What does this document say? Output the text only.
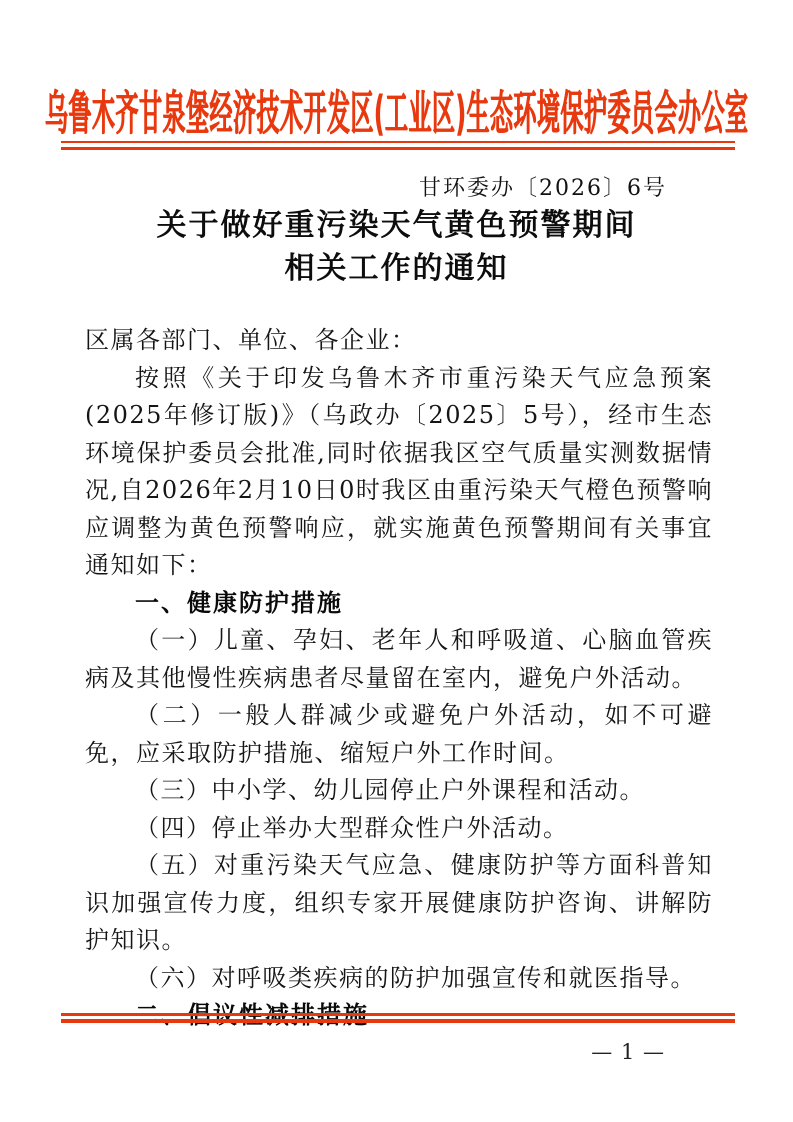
乌鲁木齐甘泉堡经济技术开发区(工业区)生态环境保护委员会办公室
甘环委办〔2026〕6号
关于做好重污染天气黄色预警期间
相关工作的通知

区属各部门、单位、各企业：

按照《关于印发乌鲁木齐市重污染天气应急预案(2025年修订版)》（乌政办〔2025〕5号），经市生态环境保护委员会批准,同时依据我区空气质量实测数据情况,自2026年2月10日0时我区由重污染天气橙色预警响应调整为黄色预警响应，就实施黄色预警期间有关事宜通知如下：

一、健康防护措施

（一）儿童、孕妇、老年人和呼吸道、心脑血管疾病及其他慢性疾病患者尽量留在室内，避免户外活动。

（二）一般人群减少或避免户外活动，如不可避免，应采取防护措施、缩短户外工作时间。

（三）中小学、幼儿园停止户外课程和活动。

（四）停止举办大型群众性户外活动。

（五）对重污染天气应急、健康防护等方面科普知识加强宣传力度，组织专家开展健康防护咨询、讲解防护知识。

（六）对呼吸类疾病的防护加强宣传和就医指导。

二、倡议性减排措施

— 1 —
